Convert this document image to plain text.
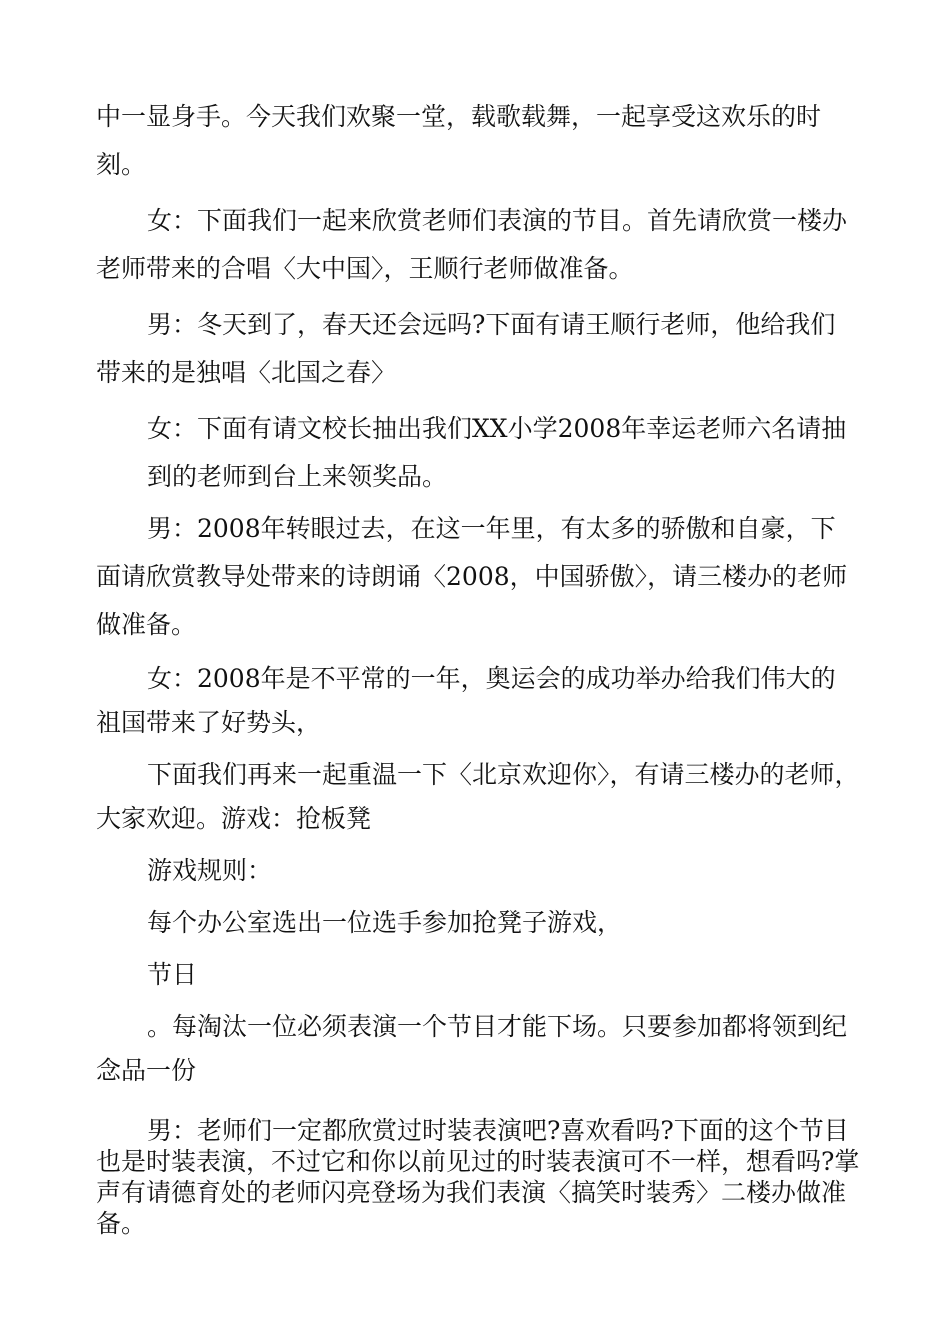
中一显身手。今天我们欢聚一堂，载歌载舞，一起享受这欢乐的时刻。

女：下面我们一起来欣赏老师们表演的节目。首先请欣赏一楼办老师带来的合唱〈大中国〉，王顺行老师做准备。

男：冬天到了，春天还会远吗?下面有请王顺行老师，他给我们带来的是独唱〈北国之春〉

女：下面有请文校长抽出我们XX小学2008年幸运老师六名请抽

到的老师到台上来领奖品。

男：2008年转眼过去，在这一年里，有太多的骄傲和自豪，下面请欣赏教导处带来的诗朗诵〈2008，中国骄傲〉，请三楼办的老师做准备。

女：2008年是不平常的一年，奥运会的成功举办给我们伟大的祖国带来了好势头，

下面我们再来一起重温一下〈北京欢迎你〉，有请三楼办的老师，大家欢迎。游戏：抢板凳

游戏规则：

每个办公室选出一位选手参加抢凳子游戏，

节日

。每淘汰一位必须表演一个节目才能下场。只要参加都将领到纪念品一份

男：老师们一定都欣赏过时装表演吧?喜欢看吗?下面的这个节目也是时装表演，不过它和你以前见过的时装表演可不一样，想看吗?掌声有请德育处的老师闪亮登场为我们表演〈搞笑时装秀〉二楼办做准备。
